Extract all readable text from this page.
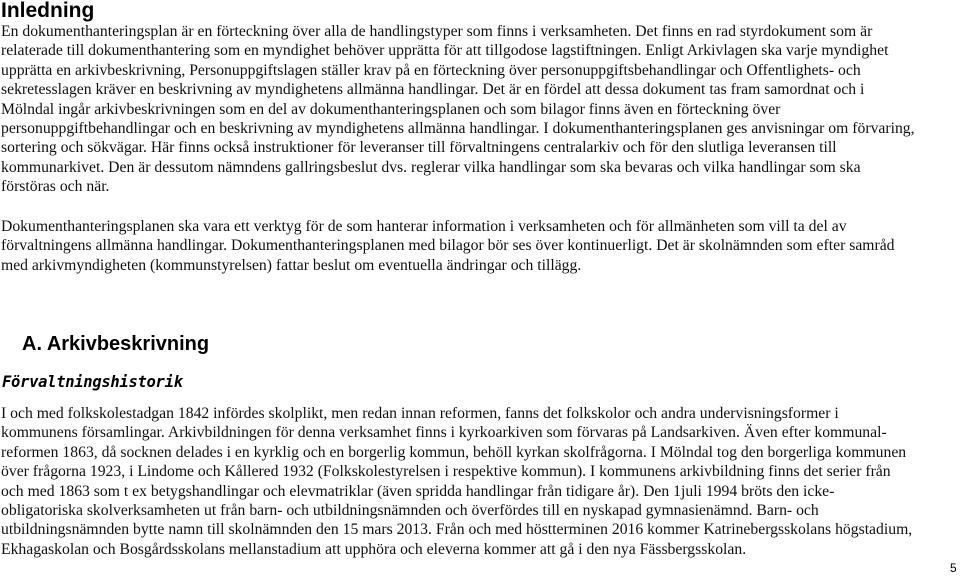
Inledning
En dokumenthanteringsplan är en förteckning över alla de handlingstyper som finns i verksamheten. Det finns en rad styrdokument som är
relaterade till dokumenthantering som en myndighet behöver upprätta för att tillgodose lagstiftningen. Enligt Arkivlagen ska varje myndighet
upprätta en arkivbeskrivning, Personuppgiftslagen ställer krav på en förteckning över personuppgiftsbehandlingar och Offentlighets- och
sekretesslagen kräver en beskrivning av myndighetens allmänna handlingar. Det är en fördel att dessa dokument tas fram samordnat och i
Mölndal ingår arkivbeskrivningen som en del av dokumenthanteringsplanen och som bilagor finns även en förteckning över
personuppgiftbehandlingar och en beskrivning av myndighetens allmänna handlingar. I dokumenthanteringsplanen ges anvisningar om förvaring,
sortering och sökvägar. Här finns också instruktioner för leveranser till förvaltningens centralarkiv och för den slutliga leveransen till
kommunarkivet. Den är dessutom nämndens gallringsbeslut dvs. reglerar vilka handlingar som ska bevaras och vilka handlingar som ska
förstöras och när.
Dokumenthanteringsplanen ska vara ett verktyg för de som hanterar information i verksamheten och för allmänheten som vill ta del av
förvaltningens allmänna handlingar. Dokumenthanteringsplanen med bilagor bör ses över kontinuerligt. Det är skolnämnden som efter samråd
med arkivmyndigheten (kommunstyrelsen) fattar beslut om eventuella ändringar och tillägg.
A. Arkivbeskrivning
Förvaltningshistorik
I och med folkskolestadgan 1842 infördes skolplikt, men redan innan reformen, fanns det folkskolor och andra undervisningsformer i
kommunens församlingar. Arkivbildningen för denna verksamhet finns i kyrkoarkiven som förvaras på Landsarkiven. Även efter kommunal-
reformen 1863, då socknen delades i en kyrklig och en borgerlig kommun, behöll kyrkan skolfrågorna. I Mölndal tog den borgerliga kommunen
över frågorna 1923, i Lindome och Kållered 1932 (Folkskolestyrelsen i respektive kommun). I kommunens arkivbildning finns det serier från
och med 1863 som t ex betygshandlingar och elevmatriklar (även spridda handlingar från tidigare år). Den 1juli 1994 bröts den icke-
obligatoriska skolverksamheten ut från barn- och utbildningsnämnden och överfördes till en nyskapad gymnasienämnd. Barn- och
utbildningsnämnden bytte namn till skolnämnden den 15 mars 2013. Från och med höstterminen 2016 kommer Katrinebergsskolans högstadium,
Ekhagaskolan och Bosgårdsskolans mellanstadium att upphöra och eleverna kommer att gå i den nya Fässbergsskolan.
5
